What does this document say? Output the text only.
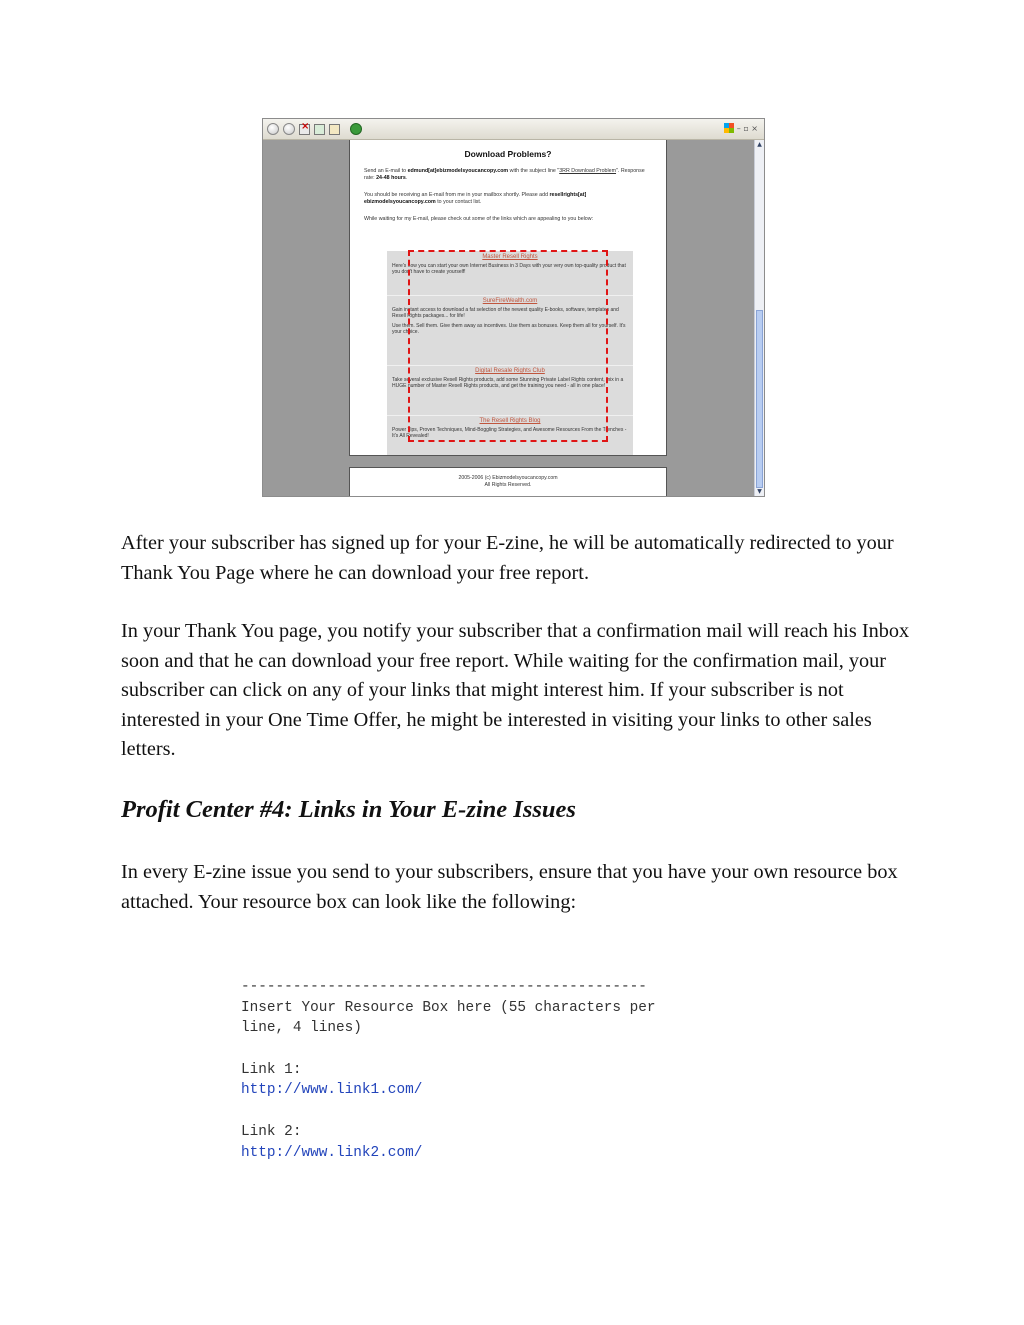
×
– ▫ ×
Download Problems?
Send an E-mail to edmund[at]ebizmodelsyoucancopy.com with the subject line "3RR Download Problem". Response rate: 24-48 hours.
You should be receiving an E-mail from me in your mailbox shortly. Please add resellrights[at] ebizmodelsyoucancopy.com to your contact list.
While waiting for my E-mail, please check out some of the links which are appealing to you below:
Master Resell Rights
Here's how you can start your own Internet Business in 3 Days with your very own top-quality product that you don't have to create yourself!
SureFireWealth.com
Gain instant access to download a fat selection of the newest quality E-books, software, templates and Resell Rights packages... for life!
Use them. Sell them. Give them away as incentives. Use them as bonuses. Keep them all for yourself. It's your choice.
Digital Resale Rights Club
Take several exclusive Resell Rights products, add some Stunning Private Label Rights content, mix in a HUGE number of Master Resell Rights products, and get the training you need - all in one place!
The Resell Rights Blog
Power Tips, Proven Techniques, Mind-Boggling Strategies, and Awesome Resources From the Trenches - It's All Revealed!
2005-2006 (c) Ebizmodelsyoucancopy.com
All Rights Reserved.
▲
▼

After your subscriber has signed up for your E-zine, he will be automatically redirected to your Thank You Page where he can download your free report.

In your Thank You page, you notify your subscriber that a confirmation mail will reach his Inbox soon and that he can download your free report. While waiting for the confirmation mail, your subscriber can click on any of your links that might interest him. If your subscriber is not interested in your One Time Offer, he might be interested in visiting your links to other sales letters.

Profit Center #4: Links in Your E-zine Issues

In every E-zine issue you send to your subscribers, ensure that you have your own resource box attached. Your resource box can look like the following:

-----------------------------------------------
Insert Your Resource Box here (55 characters per
line, 4 lines)
Link 1:
http://www.link1.com/
Link 2:
http://www.link2.com/
